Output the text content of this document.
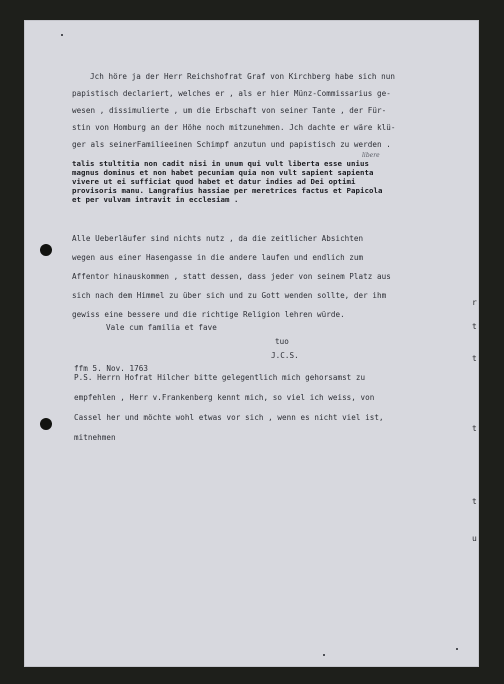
Jch höre ja der Herr Reichshofrat Graf von Kirchberg habe sich nun
papistisch declariert, welches er , als er hier Münz-Commissarius ge-
wesen , dissimulierte , um die Erbschaft von seiner Tante , der Für-
stin von Homburg an der Höhe noch mitzunehmen. Jch dachte er wäre klü-
ger als seinerFamilieeinen Schimpf anzutun und papistisch zu werden .
libere
talis stultitia non cadit nisi in unum qui vult liberta esse unius
magnus dominus et non habet pecuniam quia non vult sapient sapienta
vivere ut ei sufficiat quod habet et datur indies ad Dei optimi
provisoris manu. Langrafius hassiae per meretrices factus et Papicola
et per vulvam intravit in ecclesiam .
Alle Ueberläufer sind nichts nutz , da die zeitlicher Absichten
wegen aus einer Hasengasse in die andere laufen und endlich zum
Affentor hinauskommen , statt dessen, dass jeder von seinem Platz aus
sich nach dem Himmel zu über sich und zu Gott wenden sollte, der ihm
gewiss eine bessere und die richtige Religion lehren würde.
Vale cum familia et fave
tuo
J.C.S.
ffm 5. Nov. 1763
P.S. Herrn Hofrat Hilcher bitte gelegentlich mich gehorsamst zu
empfehlen , Herr v.Frankenberg kennt mich, so viel ich weiss, von
Cassel her und möchte wohl etwas vor sich , wenn es nicht viel ist,
mitnehmen
r
t
t
t
t
u
